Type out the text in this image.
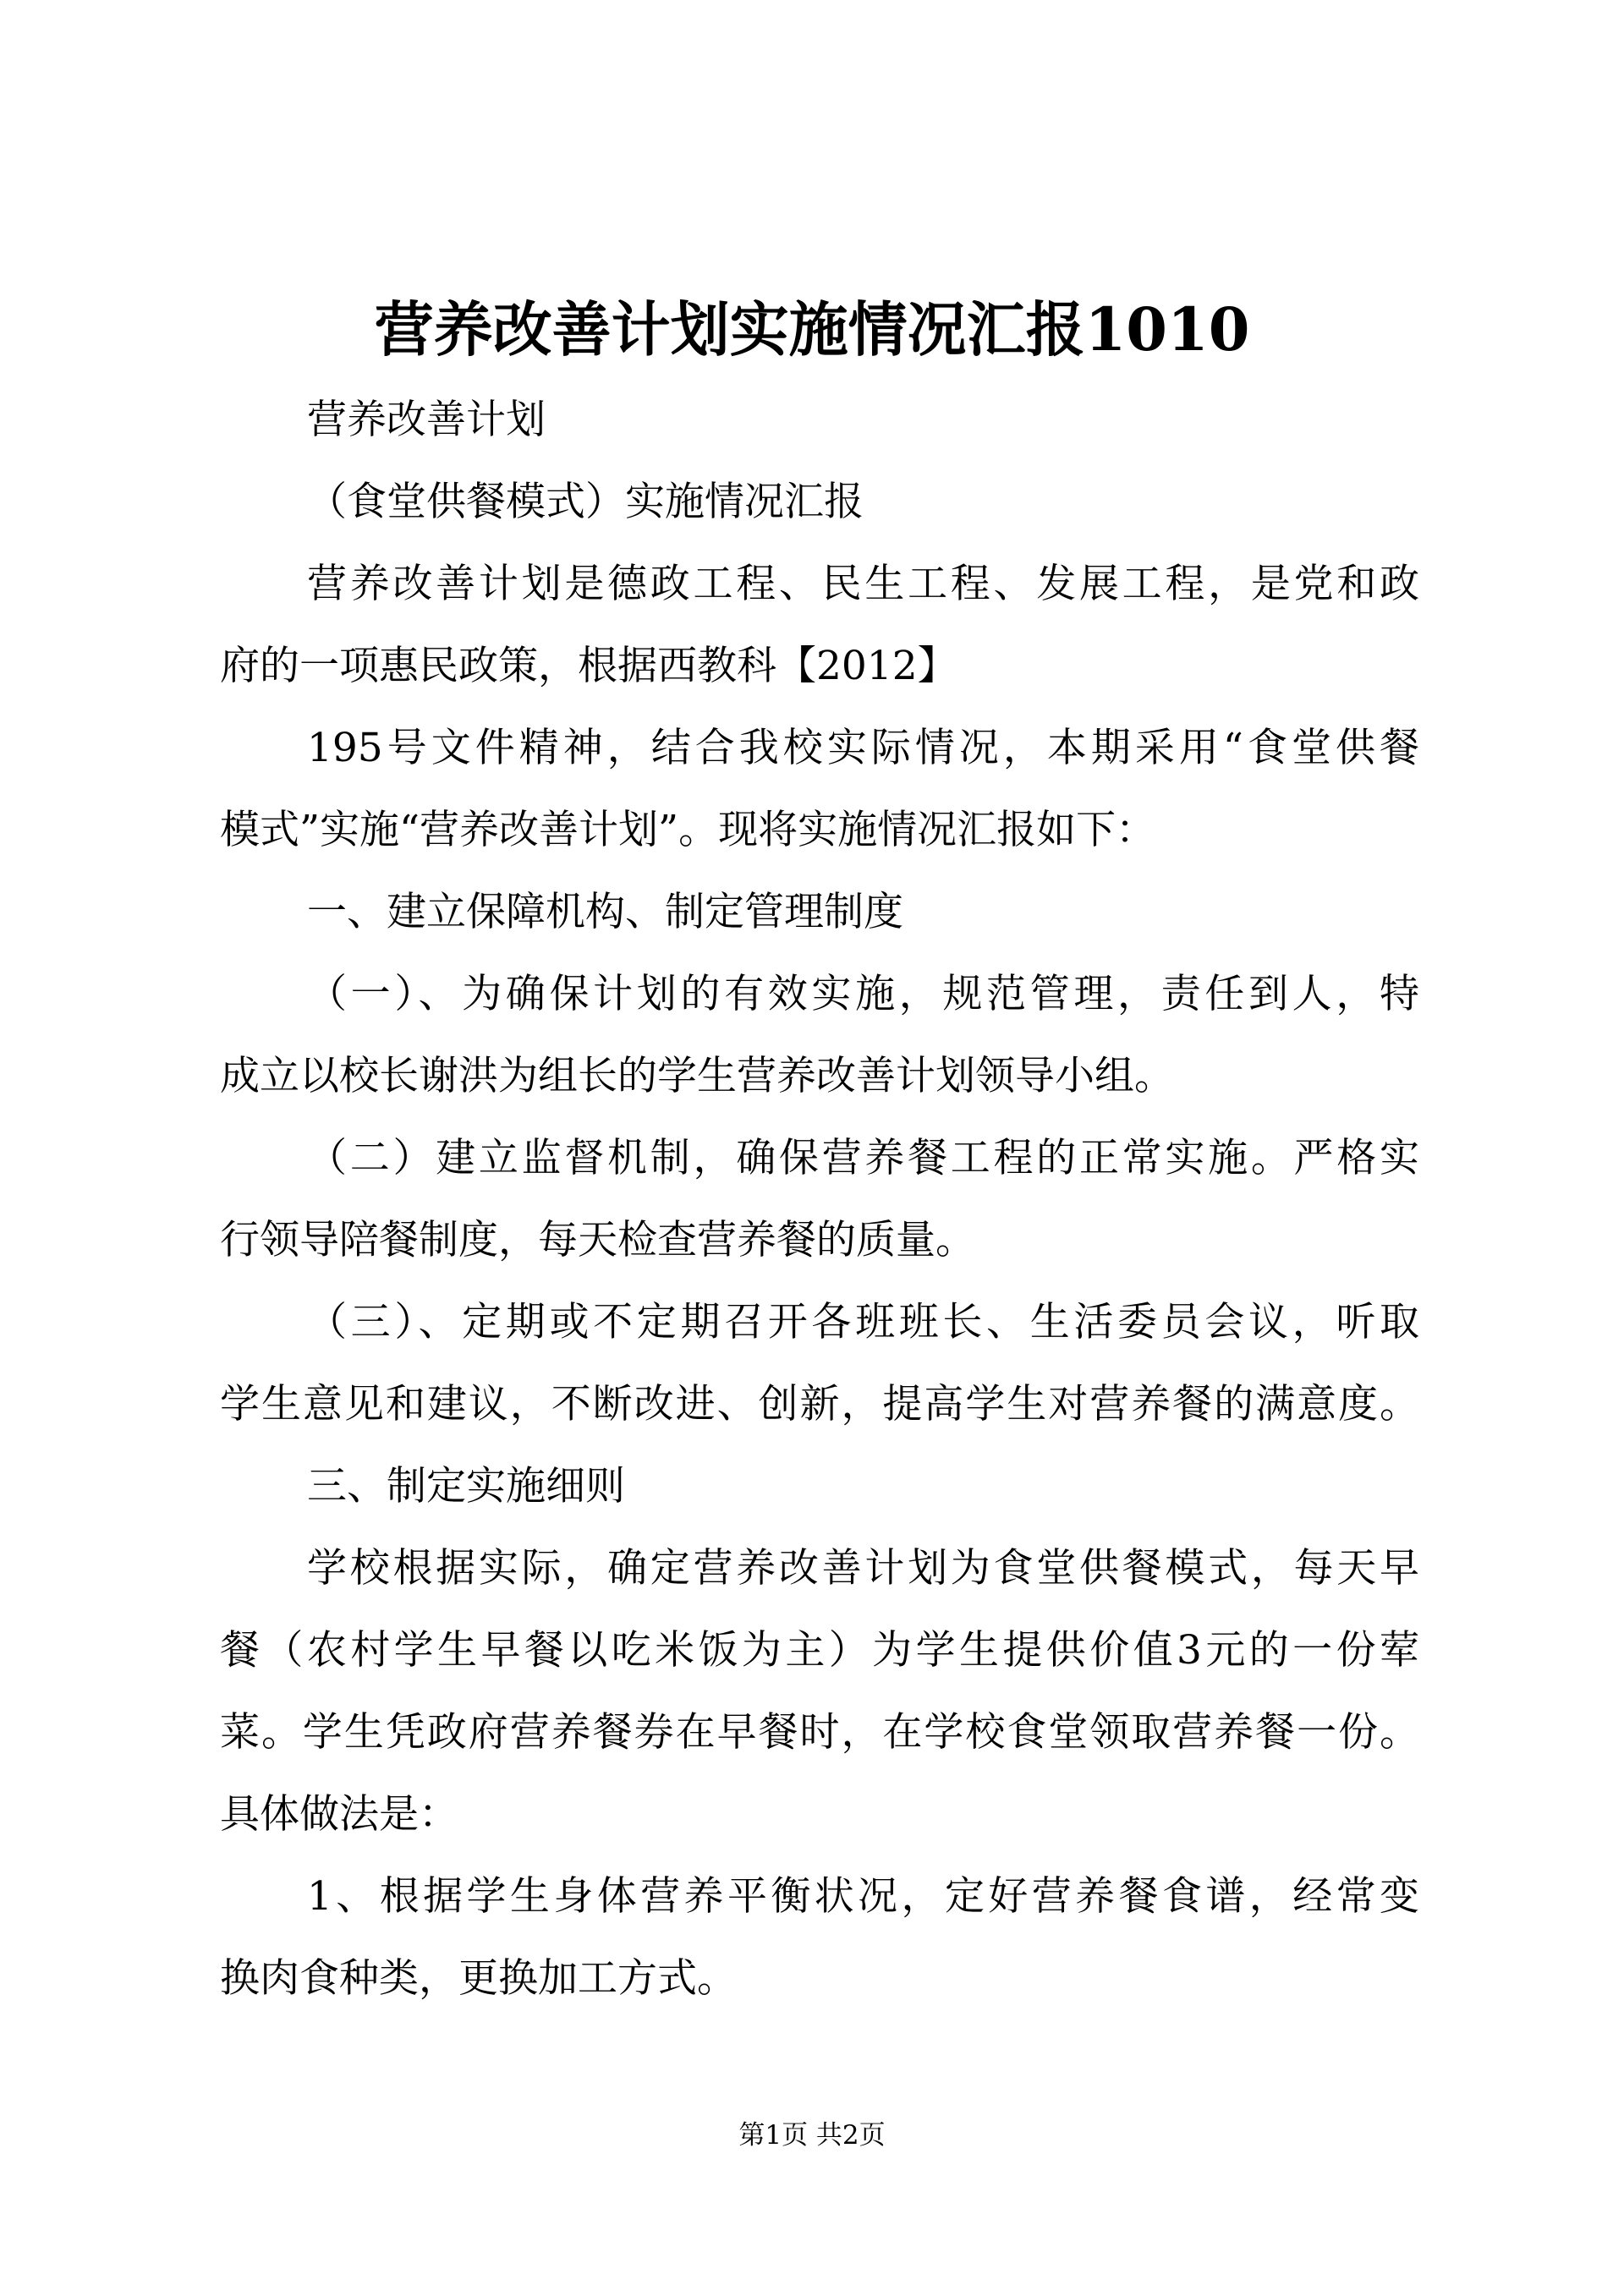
营养改善计划实施情况汇报1010
营养改善计划
（食堂供餐模式）实施情况汇报
营养改善计划是德政工程、民生工程、发展工程，是党和政
府的一项惠民政策，根据西教科【2012】
195号文件精神，结合我校实际情况，本期采用“食堂供餐
模式”实施“营养改善计划”。现将实施情况汇报如下：
一、建立保障机构、制定管理制度
（一）、为确保计划的有效实施，规范管理，责任到人，特
成立以校长谢洪为组长的学生营养改善计划领导小组。
（二）建立监督机制，确保营养餐工程的正常实施。严格实
行领导陪餐制度，每天检查营养餐的质量。
（三）、定期或不定期召开各班班长、生活委员会议，听取
学生意见和建议，不断改进、创新，提高学生对营养餐的满意度。
三、制定实施细则
学校根据实际，确定营养改善计划为食堂供餐模式，每天早
餐（农村学生早餐以吃米饭为主）为学生提供价值3元的一份荤
菜。学生凭政府营养餐券在早餐时，在学校食堂领取营养餐一份。
具体做法是：
1、根据学生身体营养平衡状况，定好营养餐食谱，经常变
换肉食种类，更换加工方式。
第1页 共2页
